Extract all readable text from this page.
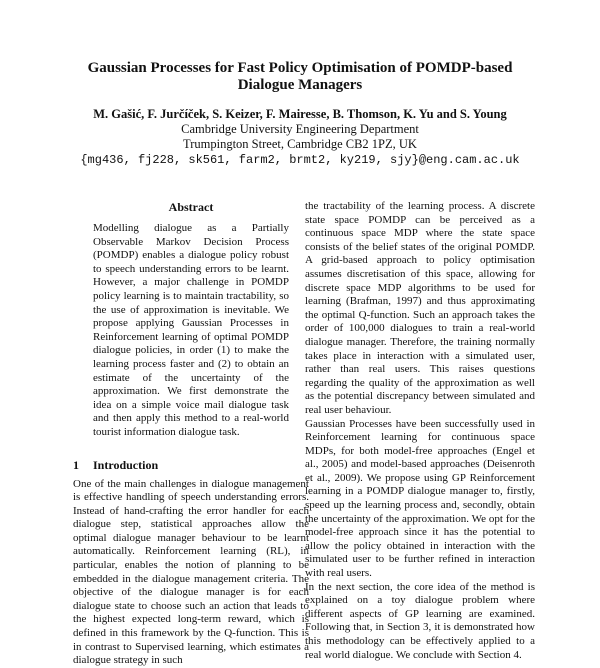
Gaussian Processes for Fast Policy Optimisation of POMDP-based
Dialogue Managers
M. Gašić, F. Jurčíček, S. Keizer, F. Mairesse, B. Thomson, K. Yu and S. Young
Cambridge University Engineering Department
Trumpington Street, Cambridge CB2 1PZ, UK
{mg436, fj228, sk561, farm2, brmt2, ky219, sjy}@eng.cam.ac.uk
Abstract

Modelling dialogue as a Partially Observable Markov Decision Process (POMDP) enables a dialogue policy robust to speech understanding errors to be learnt. However, a major challenge in POMDP policy learning is to maintain tractability, so the use of approximation is inevitable. We propose applying Gaussian Processes in Reinforcement learning of optimal POMDP dialogue policies, in order (1) to make the learning process faster and (2) to obtain an estimate of the uncertainty of the approximation. We first demonstrate the idea on a simple voice mail dialogue task and then apply this method to a real-world tourist information dialogue task.

1 Introduction

One of the main challenges in dialogue management is effective handling of speech understanding errors. Instead of hand-crafting the error handler for each dialogue step, statistical approaches allow the optimal dialogue manager behaviour to be learnt automatically. Reinforcement learning (RL), in particular, enables the notion of planning to be embedded in the dialogue management criteria. The objective of the dialogue manager is for each dialogue state to choose such an action that leads to the highest expected long-term reward, which is defined in this framework by the Q-function. This is in contrast to Supervised learning, which estimates a dialogue strategy in such

the tractability of the learning process. A discrete state space POMDP can be perceived as a continuous space MDP where the state space consists of the belief states of the original POMDP. A grid-based approach to policy optimisation assumes discretisation of this space, allowing for discrete space MDP algorithms to be used for learning (Brafman, 1997) and thus approximating the optimal Q-function. Such an approach takes the order of 100,000 dialogues to train a real-world dialogue manager. Therefore, the training normally takes place in interaction with a simulated user, rather than real users. This raises questions regarding the quality of the approximation as well as the potential discrepancy between simulated and real user behaviour.

Gaussian Processes have been successfully used in Reinforcement learning for continuous space MDPs, for both model-free approaches (Engel et al., 2005) and model-based approaches (Deisenroth et al., 2009). We propose using GP Reinforcement learning in a POMDP dialogue manager to, firstly, speed up the learning process and, secondly, obtain the uncertainty of the approximation. We opt for the model-free approach since it has the potential to allow the policy obtained in interaction with the simulated user to be further refined in interaction with real users.

In the next section, the core idea of the method is explained on a toy dialogue problem where different aspects of GP learning are examined. Following that, in Section 3, it is demonstrated how this methodology can be effectively applied to a real world dialogue. We conclude with Section 4.
